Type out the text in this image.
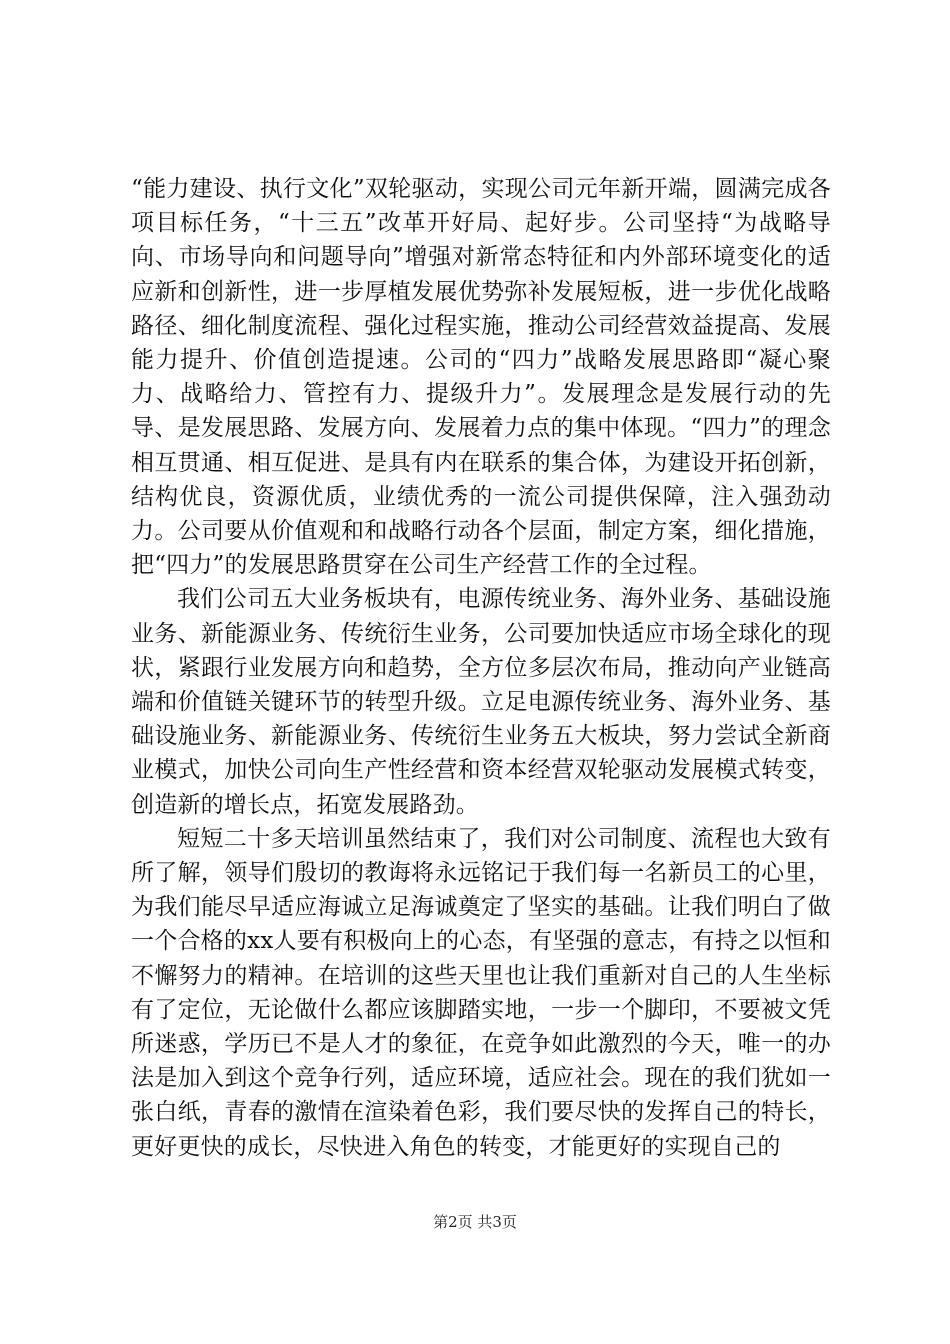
“能力建设、执行文化”双轮驱动，实现公司元年新开端，圆满完成各项目标任务，“十三五”改革开好局、起好步。公司坚持“为战略导向、市场导向和问题导向”增强对新常态特征和内外部环境变化的适应新和创新性，进一步厚植发展优势弥补发展短板，进一步优化战略路径、细化制度流程、强化过程实施，推动公司经营效益提高、发展能力提升、价值创造提速。公司的“四力”战略发展思路即“凝心聚力、战略给力、管控有力、提级升力”。发展理念是发展行动的先导、是发展思路、发展方向、发展着力点的集中体现。“四力”的理念相互贯通、相互促进、是具有内在联系的集合体，为建设开拓创新，结构优良，资源优质，业绩优秀的一流公司提供保障，注入强劲动力。公司要从价值观和和战略行动各个层面，制定方案，细化措施，把“四力”的发展思路贯穿在公司生产经营工作的全过程。

我们公司五大业务板块有，电源传统业务、海外业务、基础设施业务、新能源业务、传统衍生业务，公司要加快适应市场全球化的现状，紧跟行业发展方向和趋势，全方位多层次布局，推动向产业链高端和价值链关键环节的转型升级。立足电源传统业务、海外业务、基础设施业务、新能源业务、传统衍生业务五大板块，努力尝试全新商业模式，加快公司向生产性经营和资本经营双轮驱动发展模式转变，创造新的增长点，拓宽发展路劲。

短短二十多天培训虽然结束了，我们对公司制度、流程也大致有所了解，领导们殷切的教诲将永远铭记于我们每一名新员工的心里，为我们能尽早适应海诚立足海诚奠定了坚实的基础。让我们明白了做一个合格的xx人要有积极向上的心态，有坚强的意志，有持之以恒和不懈努力的精神。在培训的这些天里也让我们重新对自己的人生坐标有了定位，无论做什么都应该脚踏实地，一步一个脚印，不要被文凭所迷惑，学历已不是人才的象征，在竞争如此激烈的今天，唯一的办法是加入到这个竞争行列，适应环境，适应社会。现在的我们犹如一张白纸，青春的激情在渲染着色彩，我们要尽快的发挥自己的特长，更好更快的成长，尽快进入角色的转变，才能更好的实现自己的

第2页 共3页
